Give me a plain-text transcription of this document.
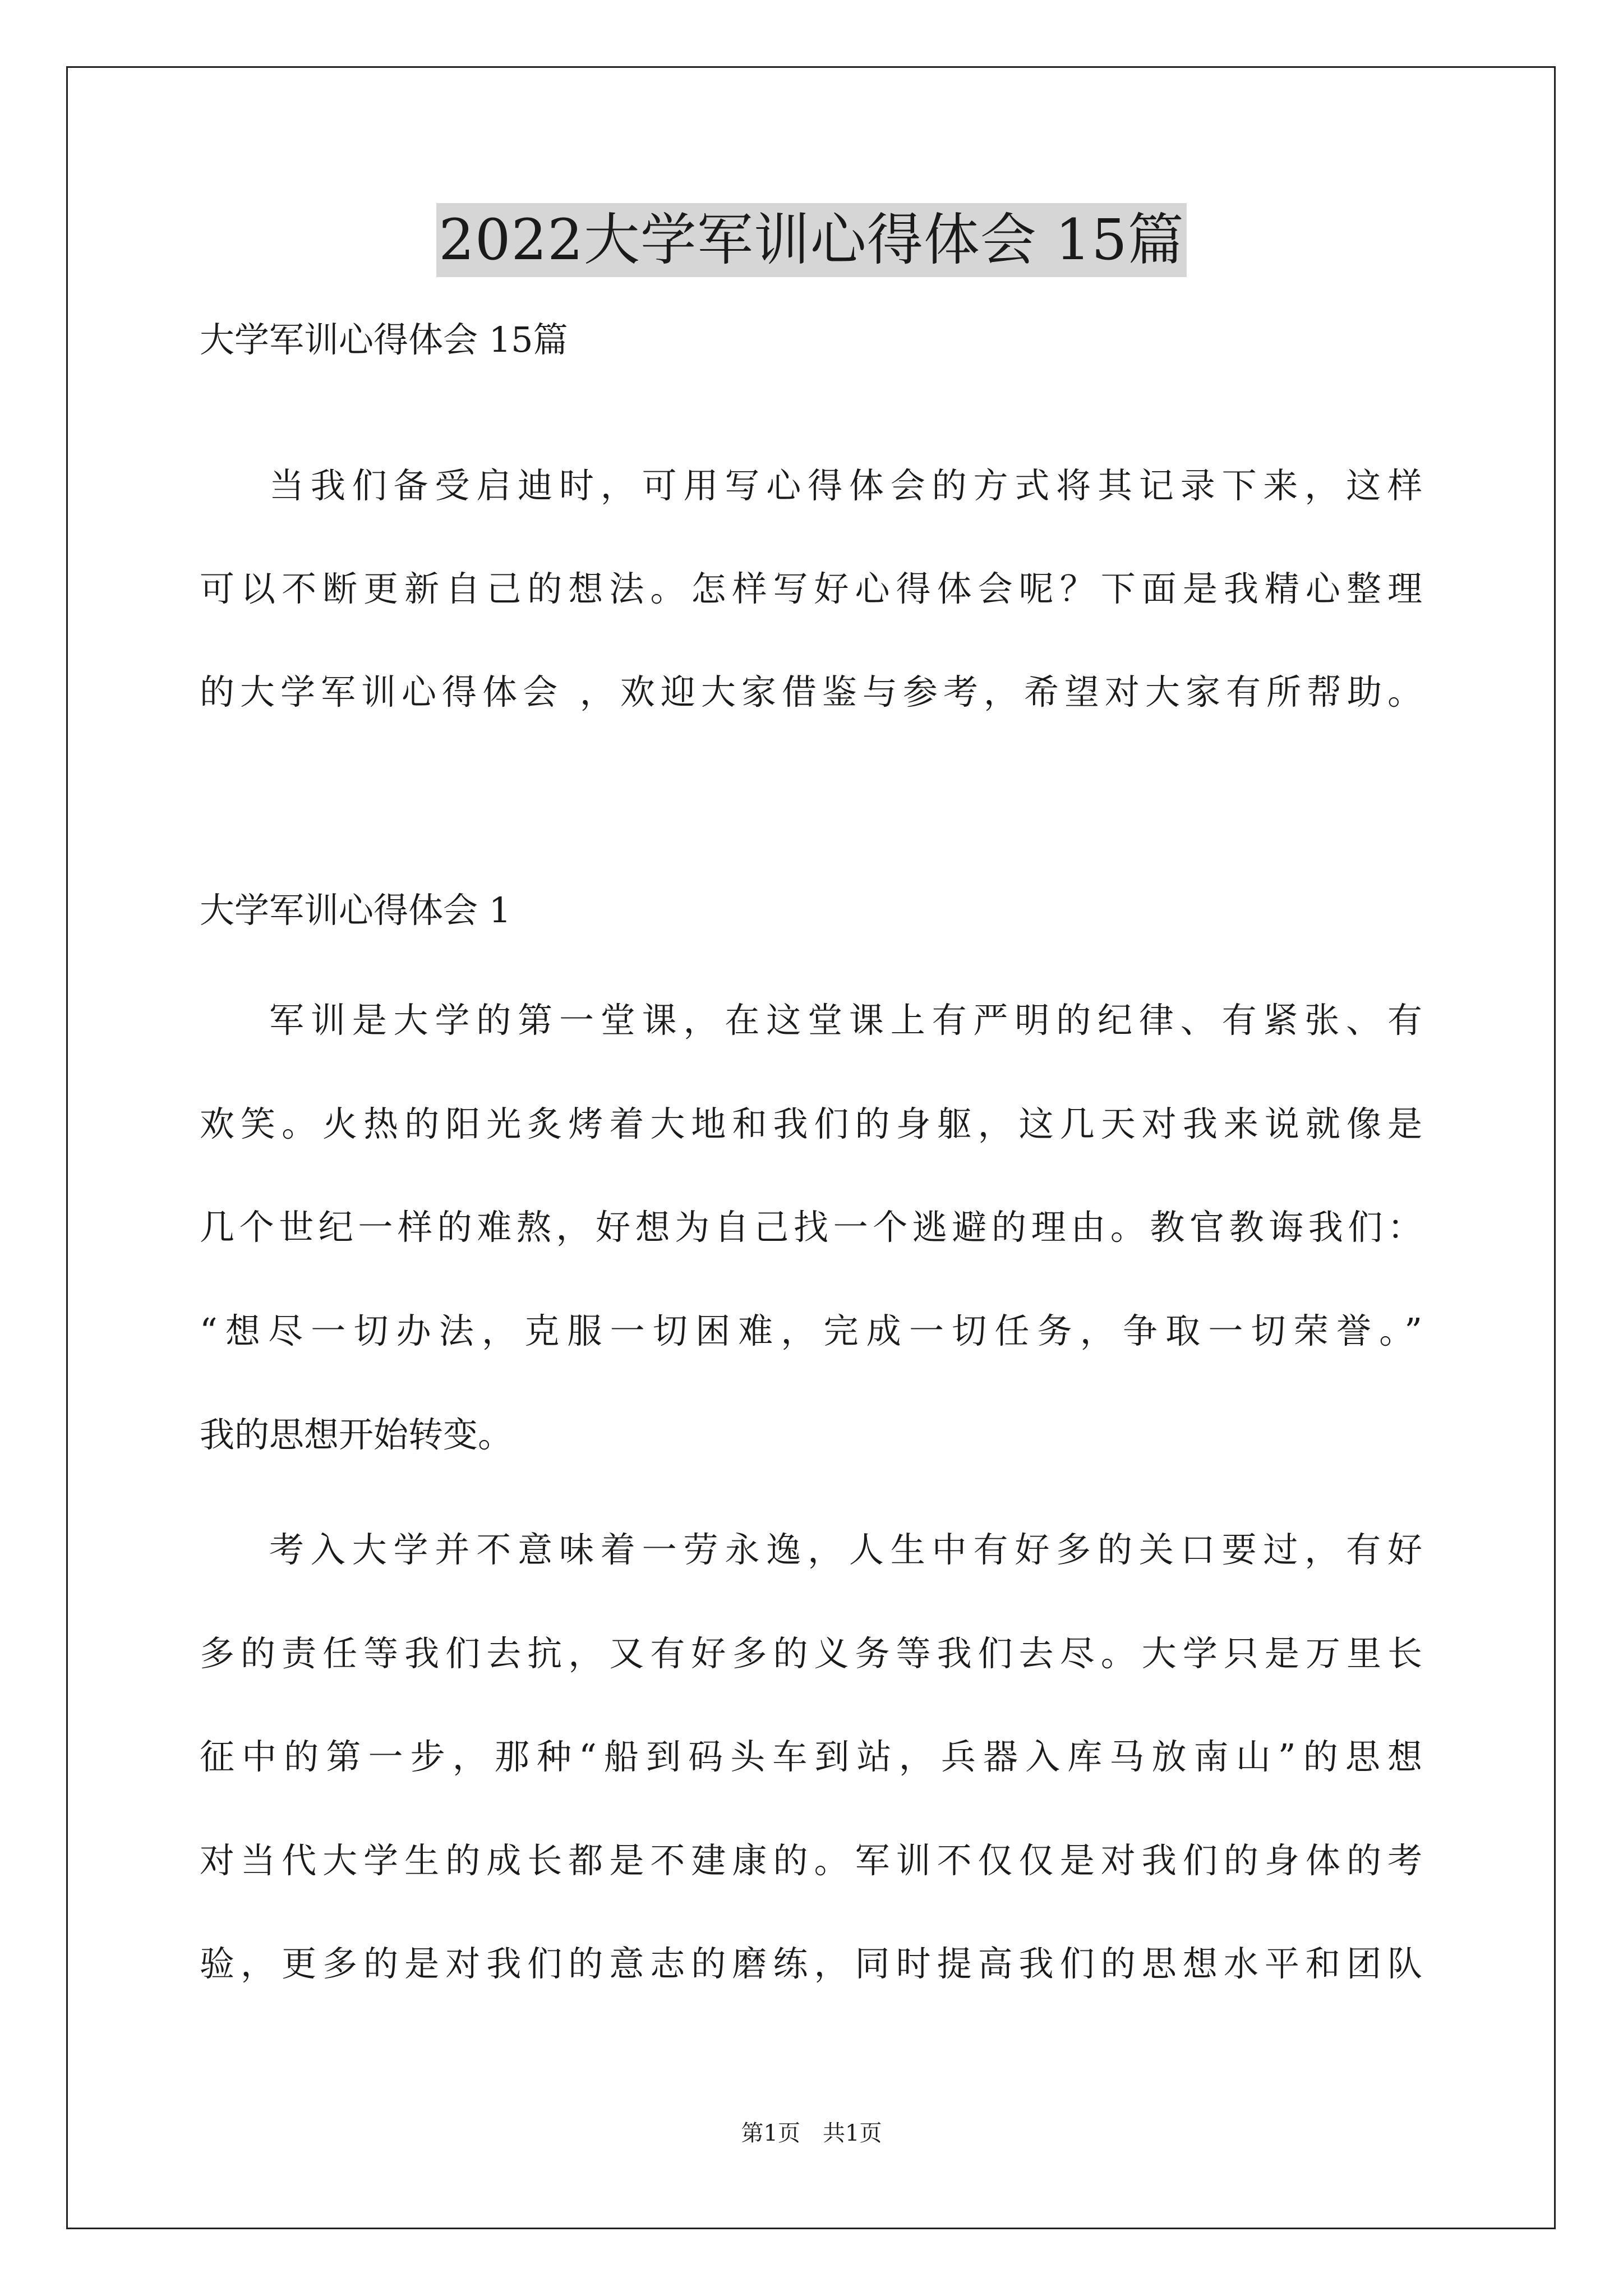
2022大学军训心得体会 15篇
大学军训心得体会 15篇
当我们备受启迪时，可用写心得体会的方式将其记录下来，这样
可以不断更新自己的想法。怎样写好心得体会呢？下面是我精心整理
的大学军训心得体会 ，欢迎大家借鉴与参考，希望对大家有所帮助。
大学军训心得体会 1
军训是大学的第一堂课，在这堂课上有严明的纪律、有紧张、有
欢笑。火热的阳光炙烤着大地和我们的身躯，这几天对我来说就像是
几个世纪一样的难熬，好想为自己找一个逃避的理由。教官教诲我们：
“想尽一切办法，克服一切困难，完成一切任务，争取一切荣誉。”
我的思想开始转变。
考入大学并不意味着一劳永逸，人生中有好多的关口要过，有好
多的责任等我们去抗，又有好多的义务等我们去尽。大学只是万里长
征中的第一步，那种“船到码头车到站，兵器入库马放南山”的思想
对当代大学生的成长都是不建康的。军训不仅仅是对我们的身体的考
验，更多的是对我们的意志的磨练，同时提高我们的思想水平和团队
第1页　共1页
